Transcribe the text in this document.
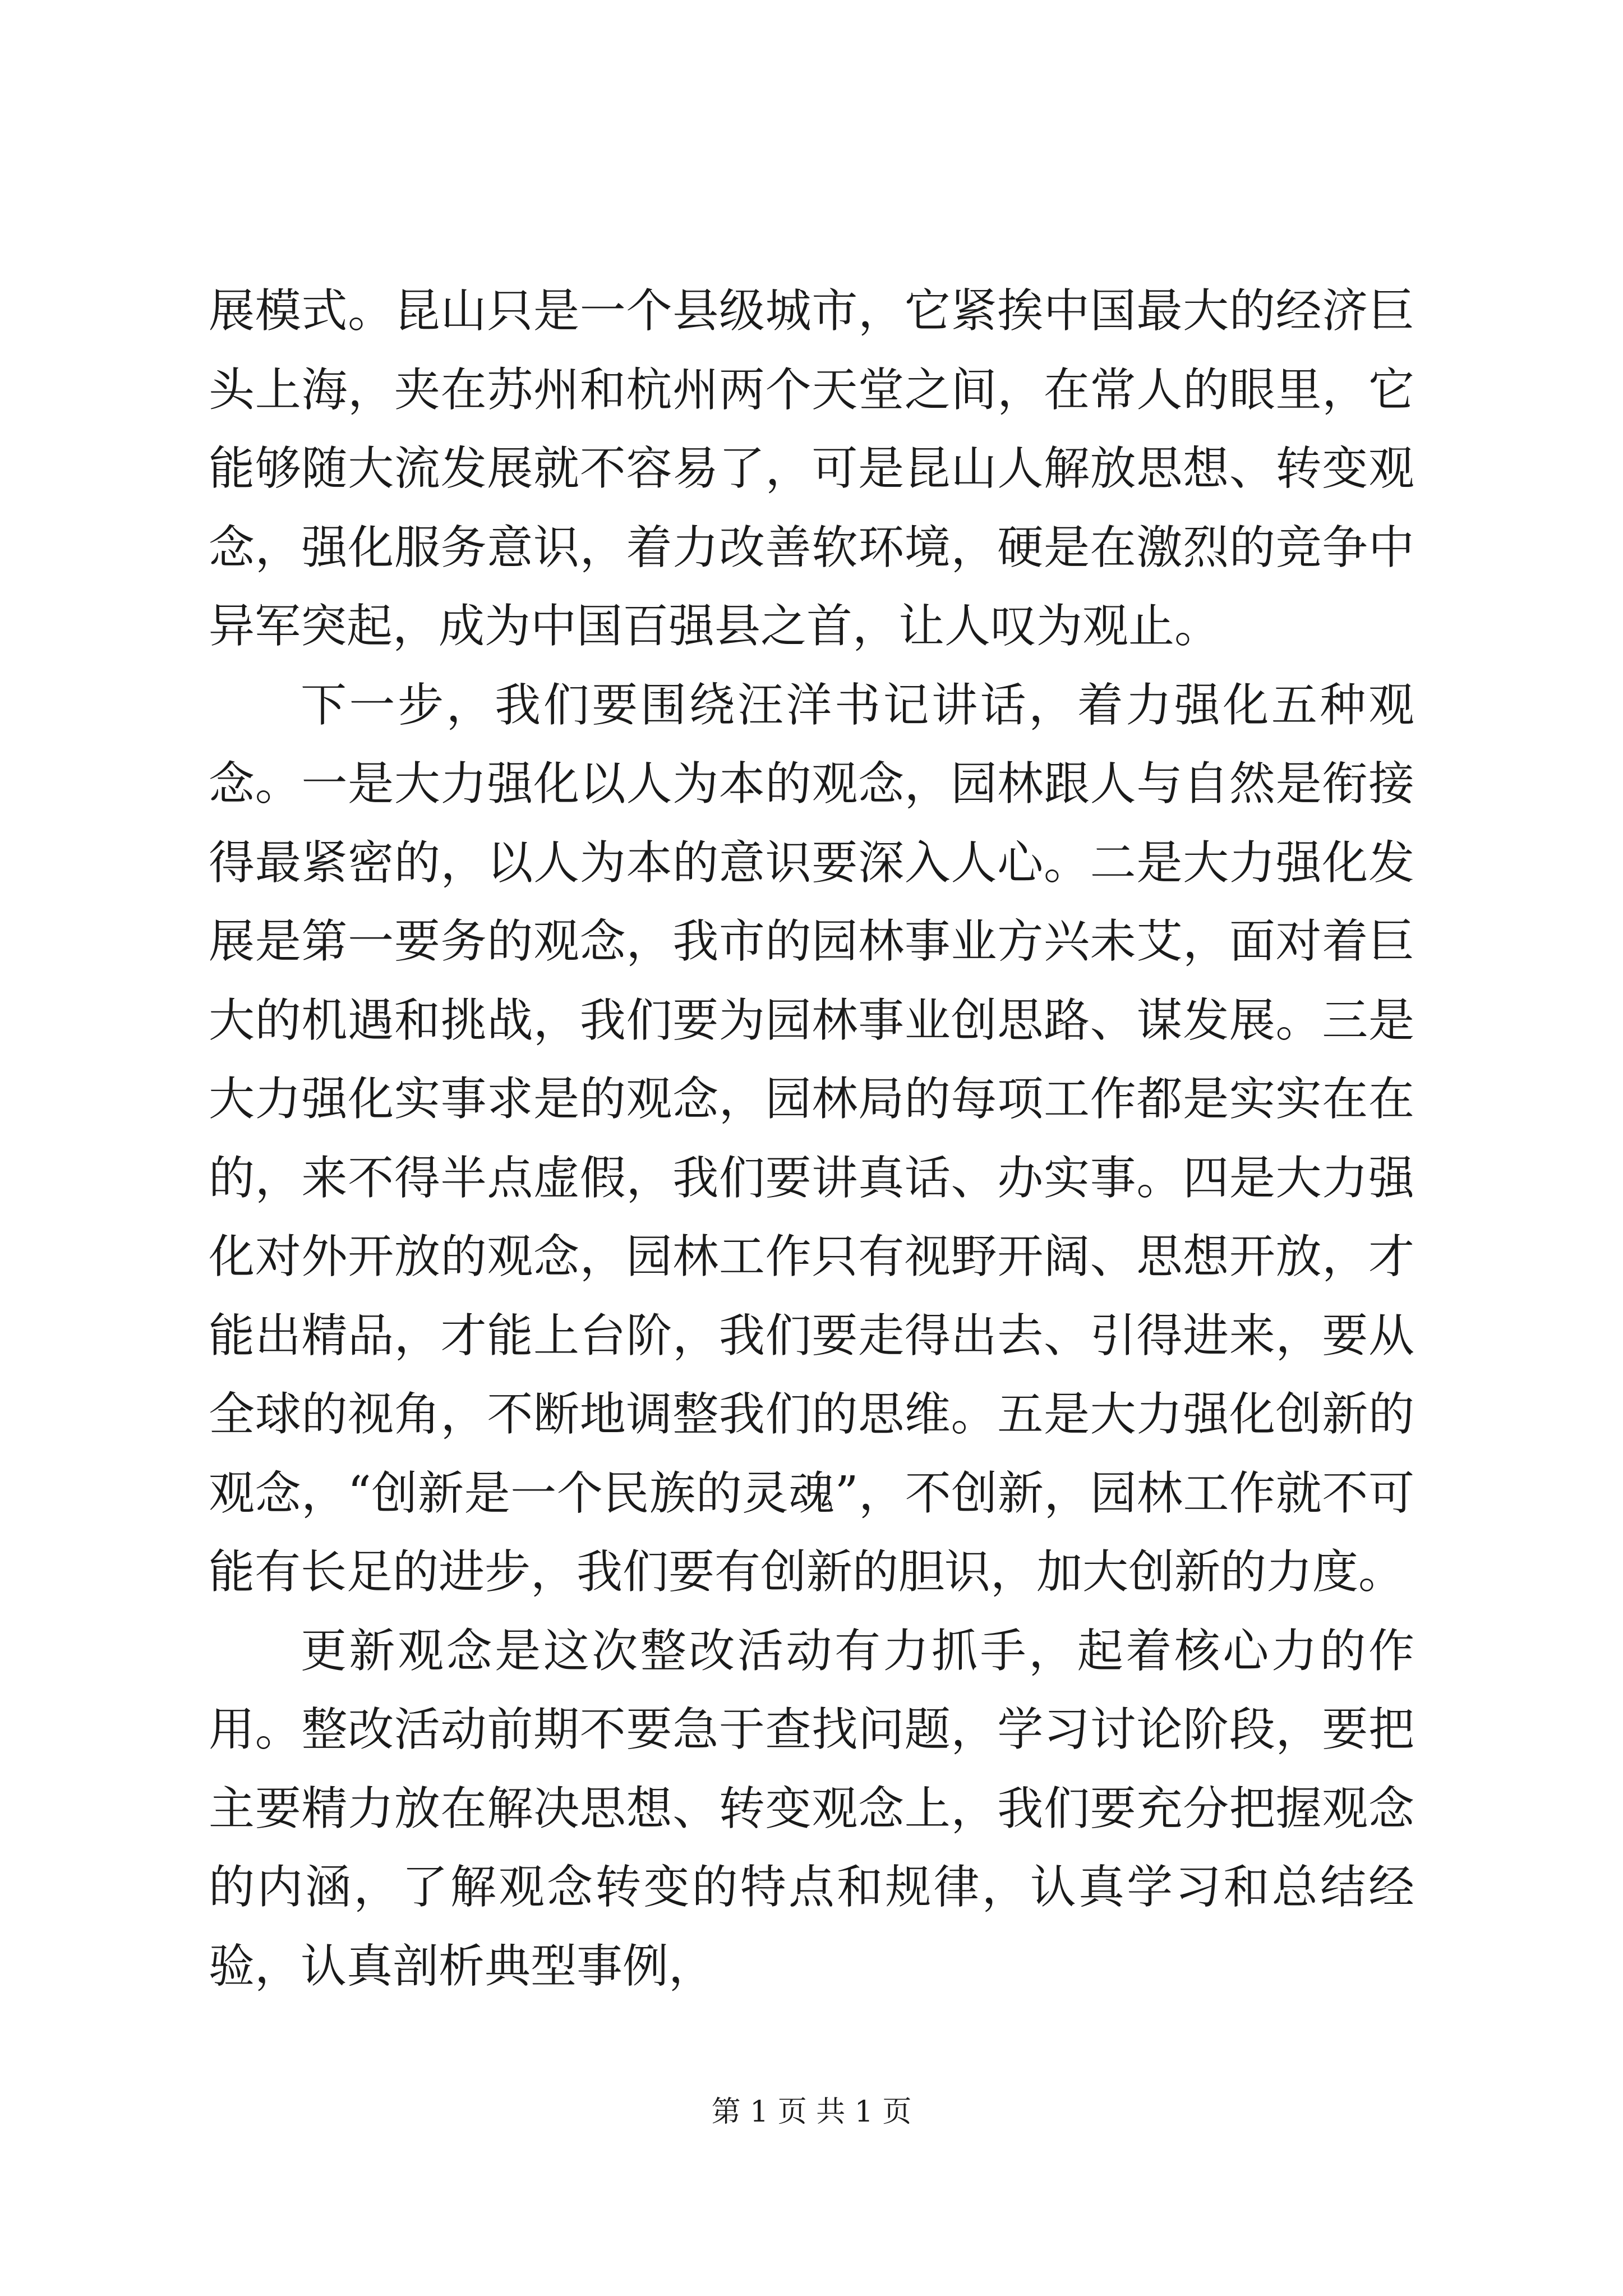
展模式。昆山只是一个县级城市，它紧挨中国最大的经济巨头上海，夹在苏州和杭州两个天堂之间，在常人的眼里，它能够随大流发展就不容易了，可是昆山人解放思想、转变观念，强化服务意识，着力改善软环境，硬是在激烈的竞争中异军突起，成为中国百强县之首，让人叹为观止。

下一步，我们要围绕汪洋书记讲话，着力强化五种观念。一是大力强化以人为本的观念，园林跟人与自然是衔接得最紧密的，以人为本的意识要深入人心。二是大力强化发展是第一要务的观念，我市的园林事业方兴未艾，面对着巨大的机遇和挑战，我们要为园林事业创思路、谋发展。三是大力强化实事求是的观念，园林局的每项工作都是实实在在的，来不得半点虚假，我们要讲真话、办实事。四是大力强化对外开放的观念，园林工作只有视野开阔、思想开放，才能出精品，才能上台阶，我们要走得出去、引得进来，要从全球的视角，不断地调整我们的思维。五是大力强化创新的观念，“创新是一个民族的灵魂”，不创新，园林工作就不可能有长足的进步，我们要有创新的胆识，加大创新的力度。

更新观念是这次整改活动有力抓手，起着核心力的作用。整改活动前期不要急于查找问题，学习讨论阶段，要把主要精力放在解决思想、转变观念上，我们要充分把握观念的内涵，了解观念转变的特点和规律，认真学习和总结经验，认真剖析典型事例，

第 1 页 共 1 页
